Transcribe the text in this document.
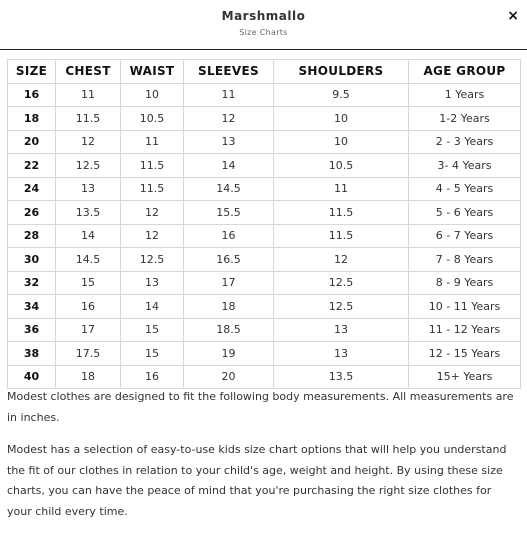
Marshmallo
Size Charts
×
SIZE	CHEST	WAIST	SLEEVES	SHOULDERS	AGE GROUP
16	11	10	11	9.5	1 Years
18	11.5	10.5	12	10	1-2 Years
20	12	11	13	10	2 - 3 Years
22	12.5	11.5	14	10.5	3- 4 Years
24	13	11.5	14.5	11	4 - 5 Years
26	13.5	12	15.5	11.5	5 - 6 Years
28	14	12	16	11.5	6 - 7 Years
30	14.5	12.5	16.5	12	7 - 8 Years
32	15	13	17	12.5	8 - 9 Years
34	16	14	18	12.5	10 - 11 Years
36	17	15	18.5	13	11 - 12 Years
38	17.5	15	19	13	12 - 15 Years
40	18	16	20	13.5	15+ Years
Modest clothes are designed to fit the following body measurements. All measurements are in inches.
Modest has a selection of easy-to-use kids size chart options that will help you understand the fit of our clothes in relation to your child's age, weight and height. By using these size charts, you can have the peace of mind that you're purchasing the right size clothes for your child every time.
